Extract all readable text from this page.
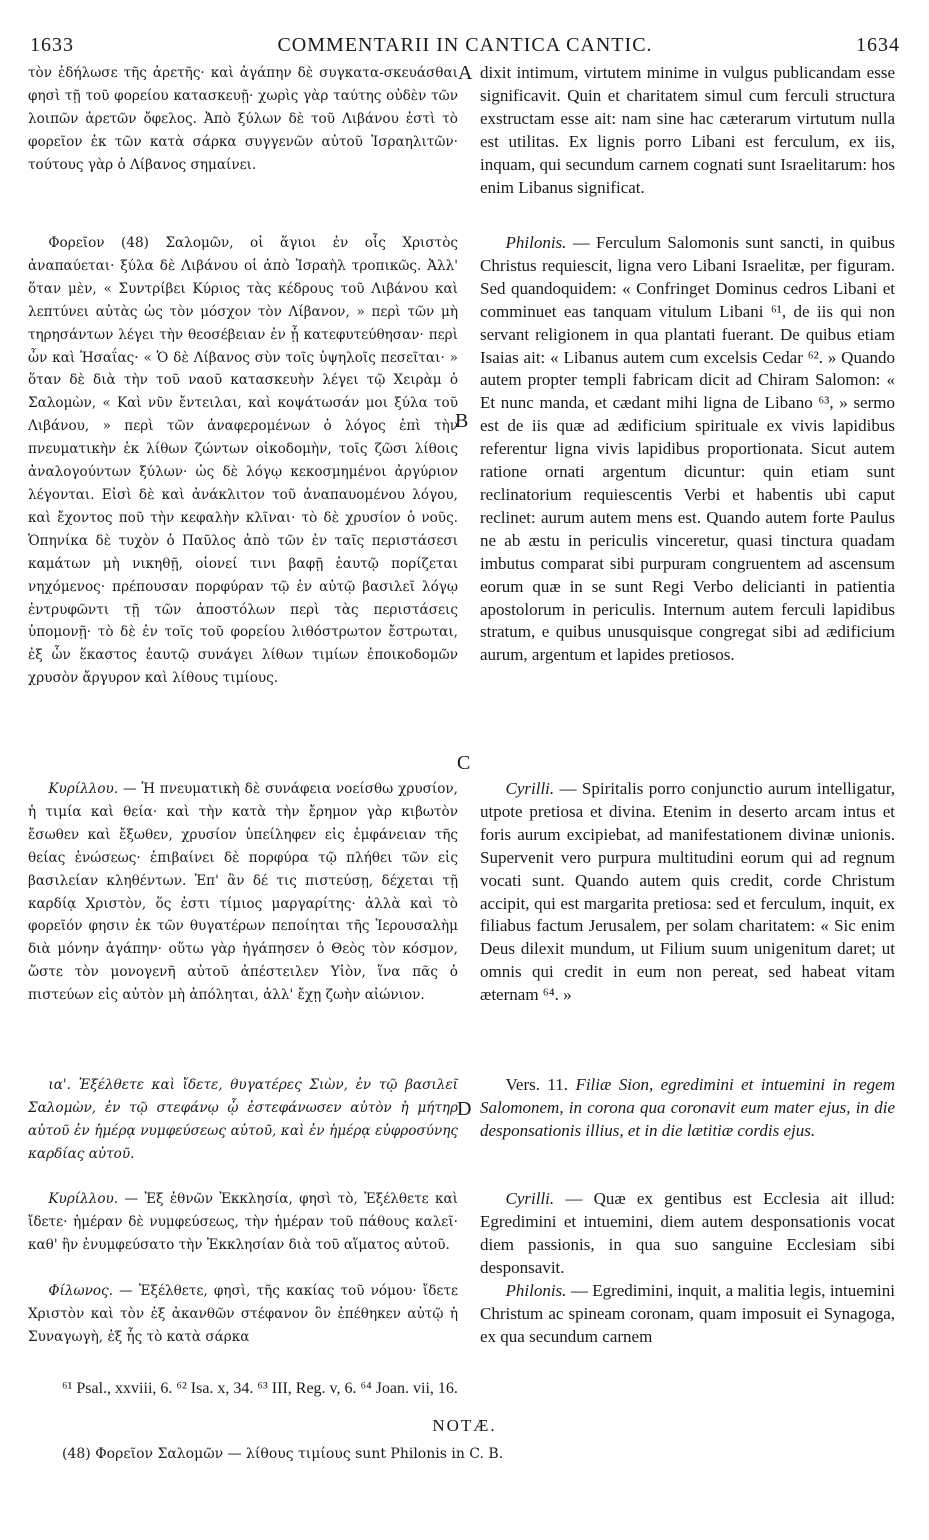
1633	COMMENTARII IN CANTICA CANTIC.	1634

τὸν ἐδήλωσε τῆς ἀρετῆς· καὶ ἀγάπην δὲ συγκατα-σκευάσθαι φησὶ τῇ τοῦ φορείου κατασκευῇ· χωρὶς γὰρ ταύτης οὐδὲν τῶν λοιπῶν ἀρετῶν ὄφελος. Ἀπὸ ξύλων δὲ τοῦ Λιβάνου ἐστὶ τὸ φορεῖον ἐκ τῶν κατὰ σάρκα συγγενῶν αὐτοῦ Ἰσραηλιτῶν· τούτους γὰρ ὁ Λίβανος σημαίνει.

Φορεῖον (48) Σαλομῶν, οἱ ἅγιοι ἐν οἷς Χριστὸς ἀναπαύεται· ξύλα δὲ Λιβάνου οἱ ἀπὸ Ἰσραὴλ τροπικῶς. Ἀλλ' ὅταν μὲν, « Συντρίβει Κύριος τὰς κέδρους τοῦ Λιβάνου καὶ λεπτύνει αὐτὰς ὡς τὸν μόσχον τὸν Λίβανον, » περὶ τῶν μὴ τηρησάντων λέγει τὴν θεοσέβειαν ἐν ᾗ κατεφυτεύθησαν· περὶ ὧν καὶ Ἡσαΐας· « Ὁ δὲ Λίβανος σὺν τοῖς ὑψηλοῖς πεσεῖται· » ὅταν δὲ διὰ τὴν τοῦ ναοῦ κατασκευὴν λέγει τῷ Χειρὰμ ὁ Σαλομὼν, « Καὶ νῦν ἔντειλαι, καὶ κοψάτωσάν μοι ξύλα τοῦ Λιβάνου, » περὶ τῶν ἀναφερομένων ὁ λόγος ἐπὶ τὴν πνευματικὴν ἐκ λίθων ζώντων οἰκοδομὴν, τοῖς ζῶσι λίθοις ἀναλογούντων ξύλων· ὡς δὲ λόγῳ κεκοσμημένοι ἀργύριον λέγονται. Εἰσὶ δὲ καὶ ἀνάκλιτον τοῦ ἀναπαυομένου λόγου, καὶ ἔχοντος ποῦ τὴν κεφαλὴν κλῖναι· τὸ δὲ χρυσίον ὁ νοῦς. Ὁπηνίκα δὲ τυχὸν ὁ Παῦλος ἀπὸ τῶν ἐν ταῖς περιστάσεσι καμάτων μὴ νικηθῇ, οἱονεί τινι βαφῇ ἑαυτῷ πορίζεται νηχόμενος· πρέπουσαν πορφύραν τῷ ἐν αὐτῷ βασιλεῖ λόγῳ ἐντρυφῶντι τῇ τῶν ἀποστόλων περὶ τὰς περιστάσεις ὑπομονῇ· τὸ δὲ ἐν τοῖς τοῦ φορείου λιθόστρωτον ἔστρωται, ἐξ ὧν ἕκαστος ἑαυτῷ συνάγει λίθων τιμίων ἐποικοδομῶν χρυσὸν ἄργυρον καὶ λίθους τιμίους.

Κυρίλλου. — Ἡ πνευματικὴ δὲ συνάφεια νοείσθω χρυσίον, ἡ τιμία καὶ θεία· καὶ τὴν κατὰ τὴν ἔρημον γὰρ κιβωτὸν ἔσωθεν καὶ ἔξωθεν, χρυσίον ὑπείληφεν εἰς ἐμφάνειαν τῆς θείας ἑνώσεως· ἐπιβαίνει δὲ πορφύρα τῷ πλήθει τῶν εἰς βασιλείαν κληθέντων. Ἐπ' ἂν δέ τις πιστεύσῃ, δέχεται τῇ καρδίᾳ Χριστὸν, ὅς ἐστι τίμιος μαργαρίτης· ἀλλὰ καὶ τὸ φορεῖόν φησιν ἐκ τῶν θυγατέρων πεποίηται τῆς Ἱερουσαλὴμ διὰ μόνην ἀγάπην· οὕτω γὰρ ἠγάπησεν ὁ Θεὸς τὸν κόσμον, ὥστε τὸν μονογενῆ αὐτοῦ ἀπέστειλεν Υἱὸν, ἵνα πᾶς ὁ πιστεύων εἰς αὐτὸν μὴ ἀπόληται, ἀλλ' ἔχῃ ζωὴν αἰώνιον.

ια'. Ἐξέλθετε καὶ ἴδετε, θυγατέρες Σιὼν, ἐν τῷ βασιλεῖ Σαλομὼν, ἐν τῷ στεφάνῳ ᾧ ἐστεφάνωσεν αὐτὸν ἡ μήτηρ αὐτοῦ ἐν ἡμέρᾳ νυμφεύσεως αὐτοῦ, καὶ ἐν ἡμέρᾳ εὐφροσύνης καρδίας αὐτοῦ.

Κυρίλλου. — Ἐξ ἐθνῶν Ἐκκλησία, φησὶ τὸ, Ἐξέλθετε καὶ ἴδετε· ἡμέραν δὲ νυμφεύσεως, τὴν ἡμέραν τοῦ πάθους καλεῖ· καθ' ἣν ἐνυμφεύσατο τὴν Ἐκκλησίαν διὰ τοῦ αἵματος αὐτοῦ.

Φίλωνος. — Ἐξέλθετε, φησὶ, τῆς κακίας τοῦ νόμου· ἴδετε Χριστὸν καὶ τὸν ἐξ ἀκανθῶν στέφανον ὃν ἐπέθηκεν αὐτῷ ἡ Συναγωγὴ, ἐξ ἧς τὸ κατὰ σάρκα

A
B
C
D

dixit intimum, virtutem minime in vulgus publicandam esse significavit. Quin et charitatem simul cum ferculi structura exstructam esse ait: nam sine hac cæterarum virtutum nulla est utilitas. Ex lignis porro Libani est ferculum, ex iis, inquam, qui secundum carnem cognati sunt Israelitarum: hos enim Libanus significat.

Philonis. — Ferculum Salomonis sunt sancti, in quibus Christus requiescit, ligna vero Libani Israelitæ, per figuram. Sed quandoquidem: « Confringet Dominus cedros Libani et comminuet eas tanquam vitulum Libani ⁶¹, de iis qui non servant religionem in qua plantati fuerant. De quibus etiam Isaias ait: « Libanus autem cum excelsis Cedar ⁶². » Quando autem propter templi fabricam dicit ad Chiram Salomon: « Et nunc manda, et cædant mihi ligna de Libano ⁶³, » sermo est de iis quæ ad ædificium spirituale ex vivis lapidibus referentur ligna vivis lapidibus proportionata. Sicut autem ratione ornati argentum dicuntur: quin etiam sunt reclinatorium requiescentis Verbi et habentis ubi caput reclinet: aurum autem mens est. Quando autem forte Paulus ne ab æstu in periculis vinceretur, quasi tinctura quadam imbutus comparat sibi purpuram congruentem ad ascensum eorum quæ in se sunt Regi Verbo delicianti in patientia apostolorum in periculis. Internum autem ferculi lapidibus stratum, e quibus unusquisque congregat sibi ad ædificium aurum, argentum et lapides pretiosos.

Cyrilli. — Spiritalis porro conjunctio aurum intelligatur, utpote pretiosa et divina. Etenim in deserto arcam intus et foris aurum excipiebat, ad manifestationem divinæ unionis. Supervenit vero purpura multitudini eorum qui ad regnum vocati sunt. Quando autem quis credit, corde Christum accipit, qui est margarita pretiosa: sed et ferculum, inquit, ex filiabus factum Jerusalem, per solam charitatem: « Sic enim Deus dilexit mundum, ut Filium suum unigenitum daret; ut omnis qui credit in eum non pereat, sed habeat vitam æternam ⁶⁴. »

Vers. 11. Filiæ Sion, egredimini et intuemini in regem Salomonem, in corona qua coronavit eum mater ejus, in die desponsationis illius, et in die lætitiæ cordis ejus.

Cyrilli. — Quæ ex gentibus est Ecclesia ait illud: Egredimini et intuemini, diem autem desponsationis vocat diem passionis, in qua suo sanguine Ecclesiam sibi desponsavit.

Philonis. — Egredimini, inquit, a malitia legis, intuemini Christum ac spineam coronam, quam imposuit ei Synagoga, ex qua secundum carnem

⁶¹ Psal., xxviii, 6. ⁶² Isa. x, 34. ⁶³ III, Reg. v, 6. ⁶⁴ Joan. vii, 16.
NOTÆ.
(48) Φορεῖον Σαλομῶν — λίθους τιμίους sunt Philonis in C. B.
